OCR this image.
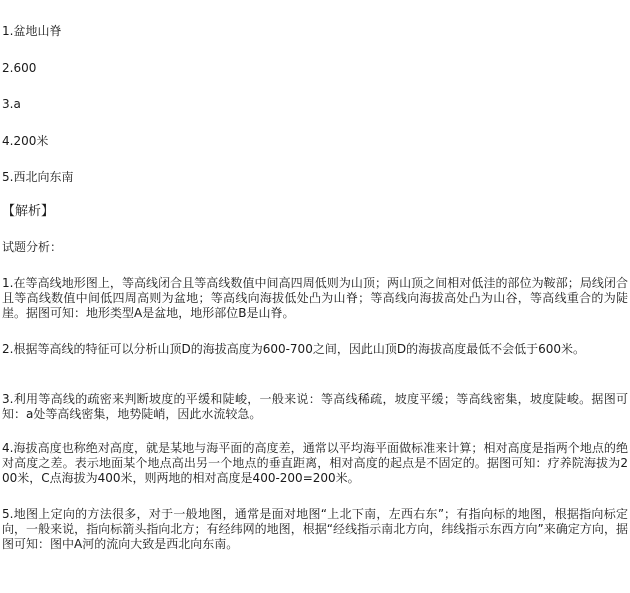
1.盆地山脊
2.600
3.a
4.200米
5.西北向东南
【解析】
试题分析：
1.在等高线地形图上，等高线闭合且等高线数值中间高四周低则为山顶；两山顶之间相对低洼的部位为鞍部；局线闭合且等高线数值中间低四周高则为盆地；等高线向海拔低处凸为山脊；等高线向海拔高处凸为山谷，等高线重合的为陡崖。据图可知：地形类型A是盆地，地形部位B是山脊。
2.根据等高线的特征可以分析山顶D的海拔高度为600-700之间，因此山顶D的海拔高度最低不会低于600米。
3.利用等高线的疏密来判断坡度的平缓和陡峻，一般来说：等高线稀疏，坡度平缓；等高线密集，坡度陡峻。据图可知：a处等高线密集，地势陡峭，因此水流较急。
4.海拔高度也称绝对高度，就是某地与海平面的高度差，通常以平均海平面做标准来计算；相对高度是指两个地点的绝对高度之差。表示地面某个地点高出另一个地点的垂直距离，相对高度的起点是不固定的。据图可知：疗养院海拔为200米，C点海拔为400米，则两地的相对高度是400-200=200米。
5.地图上定向的方法很多，对于一般地图，通常是面对地图“上北下南，左西右东”；有指向标的地图，根据指向标定向，一般来说，指向标箭头指向北方；有经纬网的地图，根据“经线指示南北方向，纬线指示东西方向”来确定方向，据图可知：图中A河的流向大致是西北向东南。
